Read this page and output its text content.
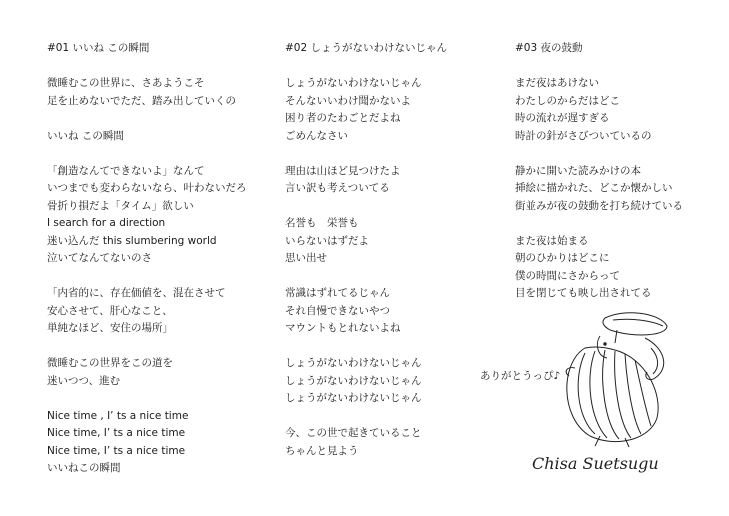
#01 いいね この瞬間
微睡むこの世界に、さあようこそ
足を止めないでただ、踏み出していくの
いいね この瞬間
「創造なんてできないよ」なんて
いつまでも変わらないなら、叶わないだろ
骨折り損だよ「タイム」欲しい
I search for a direction
迷い込んだ this slumbering world
泣いてなんてないのさ
「内省的に、存在価値を、混在させて
安心させて、肝心なこと、
単純なほど、安住の場所」
微睡むこの世界をこの道を
迷いつつ、進む
Nice time , I’ ts a nice time
Nice time, I’ ts a nice time
Nice time, I’ ts a nice time
いいねこの瞬間
#02 しょうがないわけないじゃん
しょうがないわけないじゃん
そんないいわけ聞かないよ
困り者のたわごとだよね
ごめんなさい
理由は山ほど見つけたよ
言い訳も考えついてる
名誉も　栄誉も
いらないはずだよ
思い出せ
常識はずれてるじゃん
それ自慢できないやつ
マウントもとれないよね
しょうがないわけないじゃん
しょうがないわけないじゃん
しょうがないわけないじゃん
今、この世で起きていること
ちゃんと見よう
#03 夜の鼓動
まだ夜はあけない
わたしのからだはどこ
時の流れが遅すぎる
時計の針がさびついているの
静かに開いた読みかけの本
挿絵に描かれた、どこか懐かしい
街並みが夜の鼓動を打ち続けている
また夜は始まる
朝のひかりはどこに
僕の時間にさからって
目を閉じても映し出されてる
ありがとうっぴ♪
Chisa Suetsugu
